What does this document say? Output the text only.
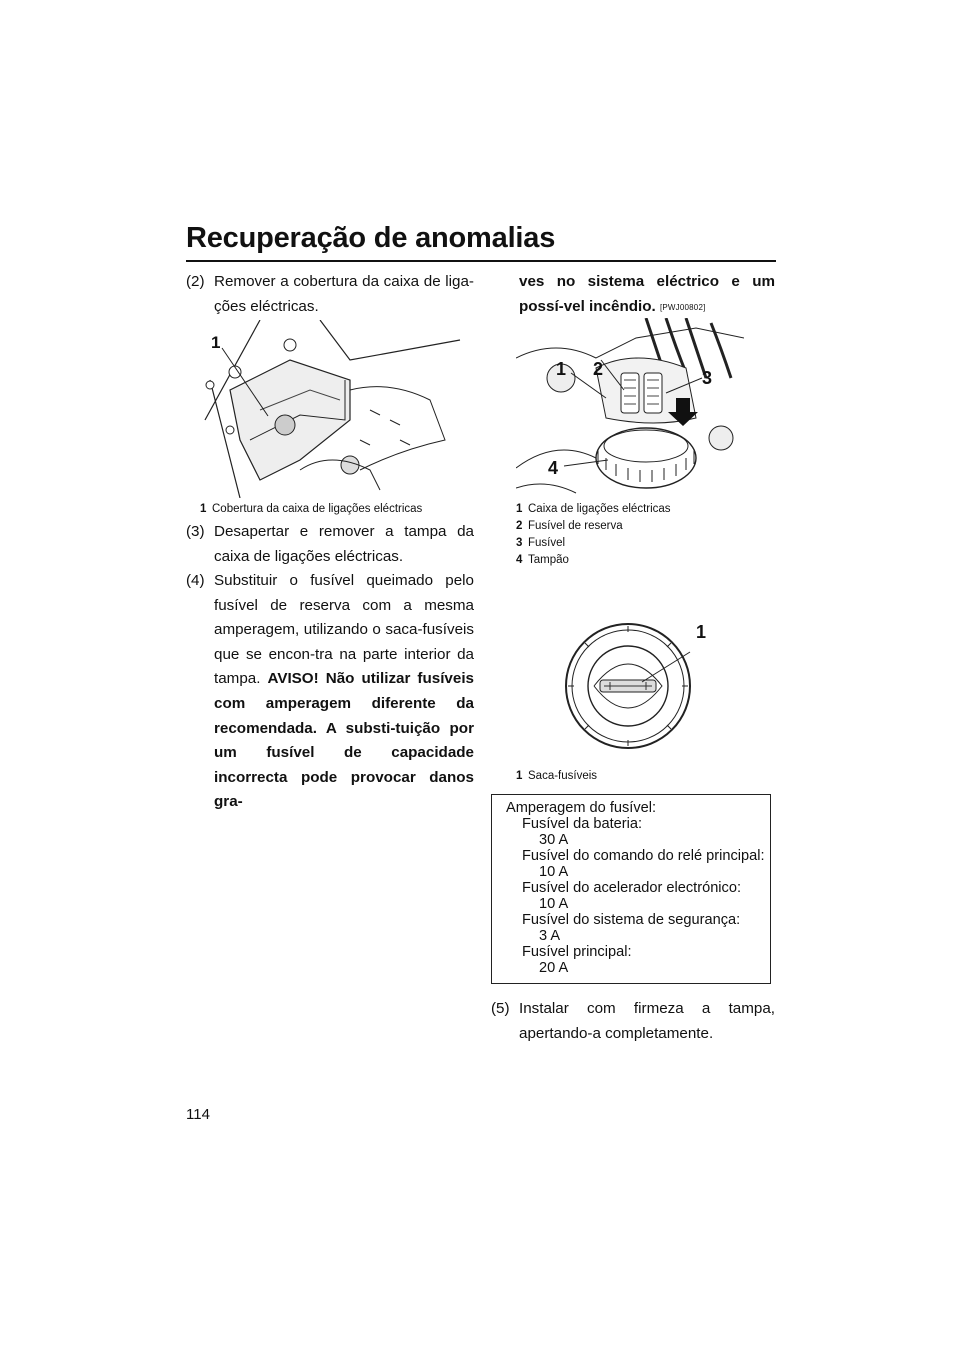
Recuperação de anomalias
(2) Remover a cobertura da caixa de liga-ções eléctricas.
1
1 Cobertura da caixa de ligações eléctricas
(3) Desapertar e remover a tampa da caixa de ligações eléctricas.
(4) Substituir o fusível queimado pelo fusível de reserva com a mesma amperagem, utilizando o saca-fusíveis que se encon-tra na parte interior da tampa. AVISO! Não utilizar fusíveis com amperagem diferente da recomendada. A substi-tuição por um fusível de capacidade incorrecta pode provocar danos gra-
ves no sistema eléctrico e um possí-vel incêndio. [PWJ00802]
1 2	3
4
1 Caixa de ligações eléctricas
2 Fusível de reserva
3 Fusível
4 Tampão
1
1 Saca-fusíveis
Amperagem do fusível:
Fusível da bateria:
30 A
Fusível do comando do relé principal:
10 A
Fusível do acelerador electrónico:
10 A
Fusível do sistema de segurança:
3 A
Fusível principal:
20 A
(5) Instalar com firmeza a tampa, apertando-a completamente.
114
